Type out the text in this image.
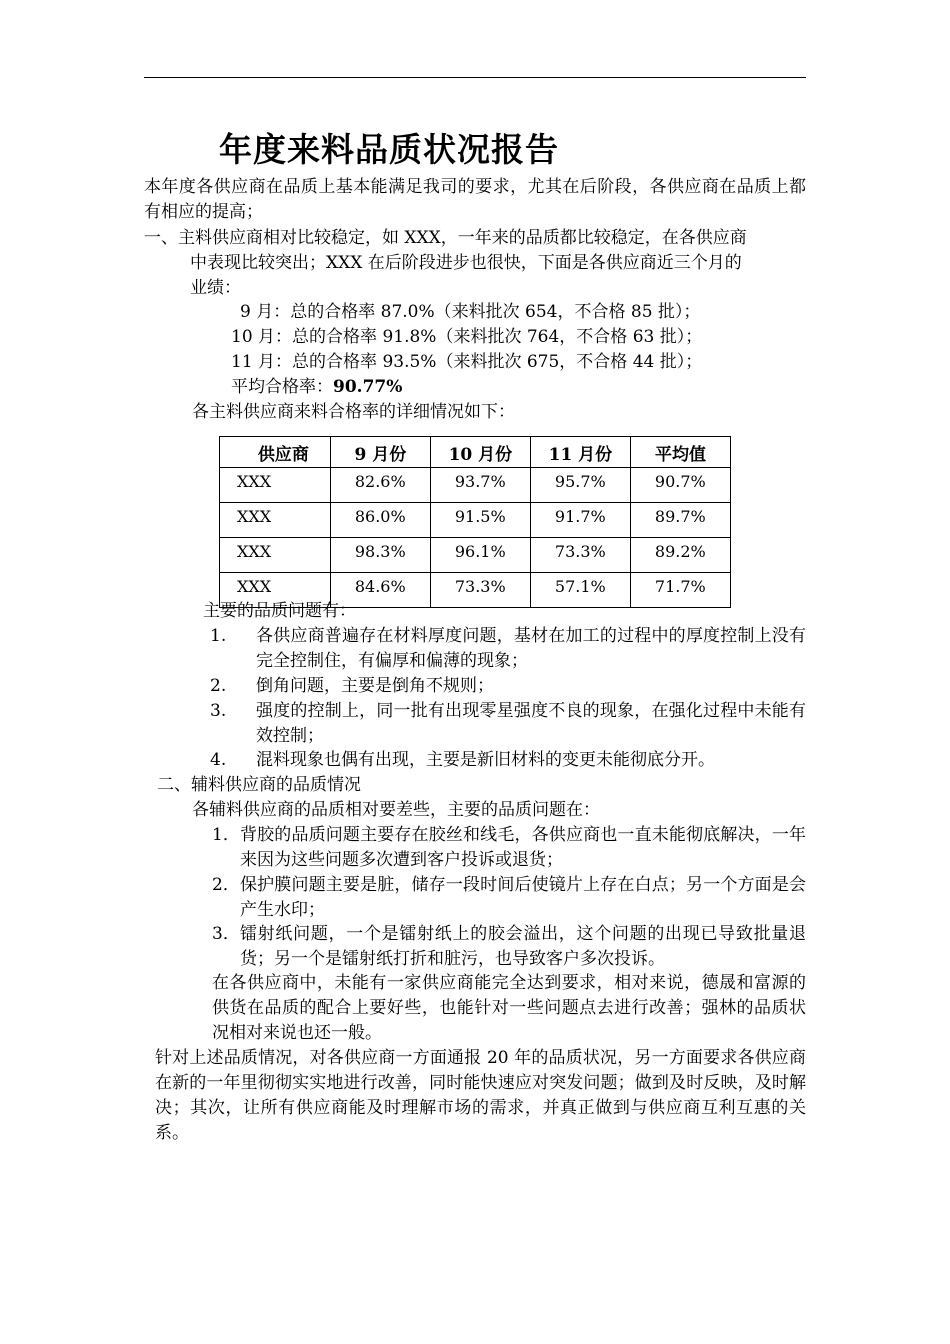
年度来料品质状况报告
本年度各供应商在品质上基本能满足我司的要求，尤其在后阶段，各供应商在品质上都有相应的提高；
一、主料供应商相对比较稳定，如 XXX，一年来的品质都比较稳定，在各供应商
中表现比较突出；XXX 在后阶段进步也很快，下面是各供应商近三个月的
业绩：
9 月：总的合格率 87.0%（来料批次 654，不合格 85 批）；
10 月：总的合格率 91.8%（来料批次 764，不合格 63 批）；
11 月：总的合格率 93.5%（来料批次 675，不合格 44 批）；
平均合格率：90.77%
各主料供应商来料合格率的详细情况如下：
供应商	9 月份	10 月份	11 月份	平均值
XXX	82.6%	93.7%	95.7%	90.7%
XXX	86.0%	91.5%	91.7%	89.7%
XXX	98.3%	96.1%	73.3%	89.2%
XXX	84.6%	73.3%	57.1%	71.7%
主要的品质问题有：
1. 各供应商普遍存在材料厚度问题，基材在加工的过程中的厚度控制上没有完全控制住，有偏厚和偏薄的现象；
2. 倒角问题，主要是倒角不规则；
3. 强度的控制上，同一批有出现零星强度不良的现象，在强化过程中未能有效控制；
4. 混料现象也偶有出现，主要是新旧材料的变更未能彻底分开。
二、辅料供应商的品质情况
各辅料供应商的品质相对要差些，主要的品质问题在：
1． 背胶的品质问题主要存在胶丝和线毛，各供应商也一直未能彻底解决，一年来因为这些问题多次遭到客户投诉或退货；
2． 保护膜问题主要是脏，储存一段时间后使镜片上存在白点；另一个方面是会产生水印；
3． 镭射纸问题，一个是镭射纸上的胶会溢出，这个问题的出现已导致批量退货；另一个是镭射纸打折和脏污，也导致客户多次投诉。
在各供应商中，未能有一家供应商能完全达到要求，相对来说，德晟和富源的供货在品质的配合上要好些，也能针对一些问题点去进行改善；强林的品质状况相对来说也还一般。
针对上述品质情况，对各供应商一方面通报 20 年的品质状况，另一方面要求各供应商在新的一年里彻彻实实地进行改善，同时能快速应对突发问题；做到及时反映，及时解决；其次，让所有供应商能及时理解市场的需求，并真正做到与供应商互利互惠的关系。
